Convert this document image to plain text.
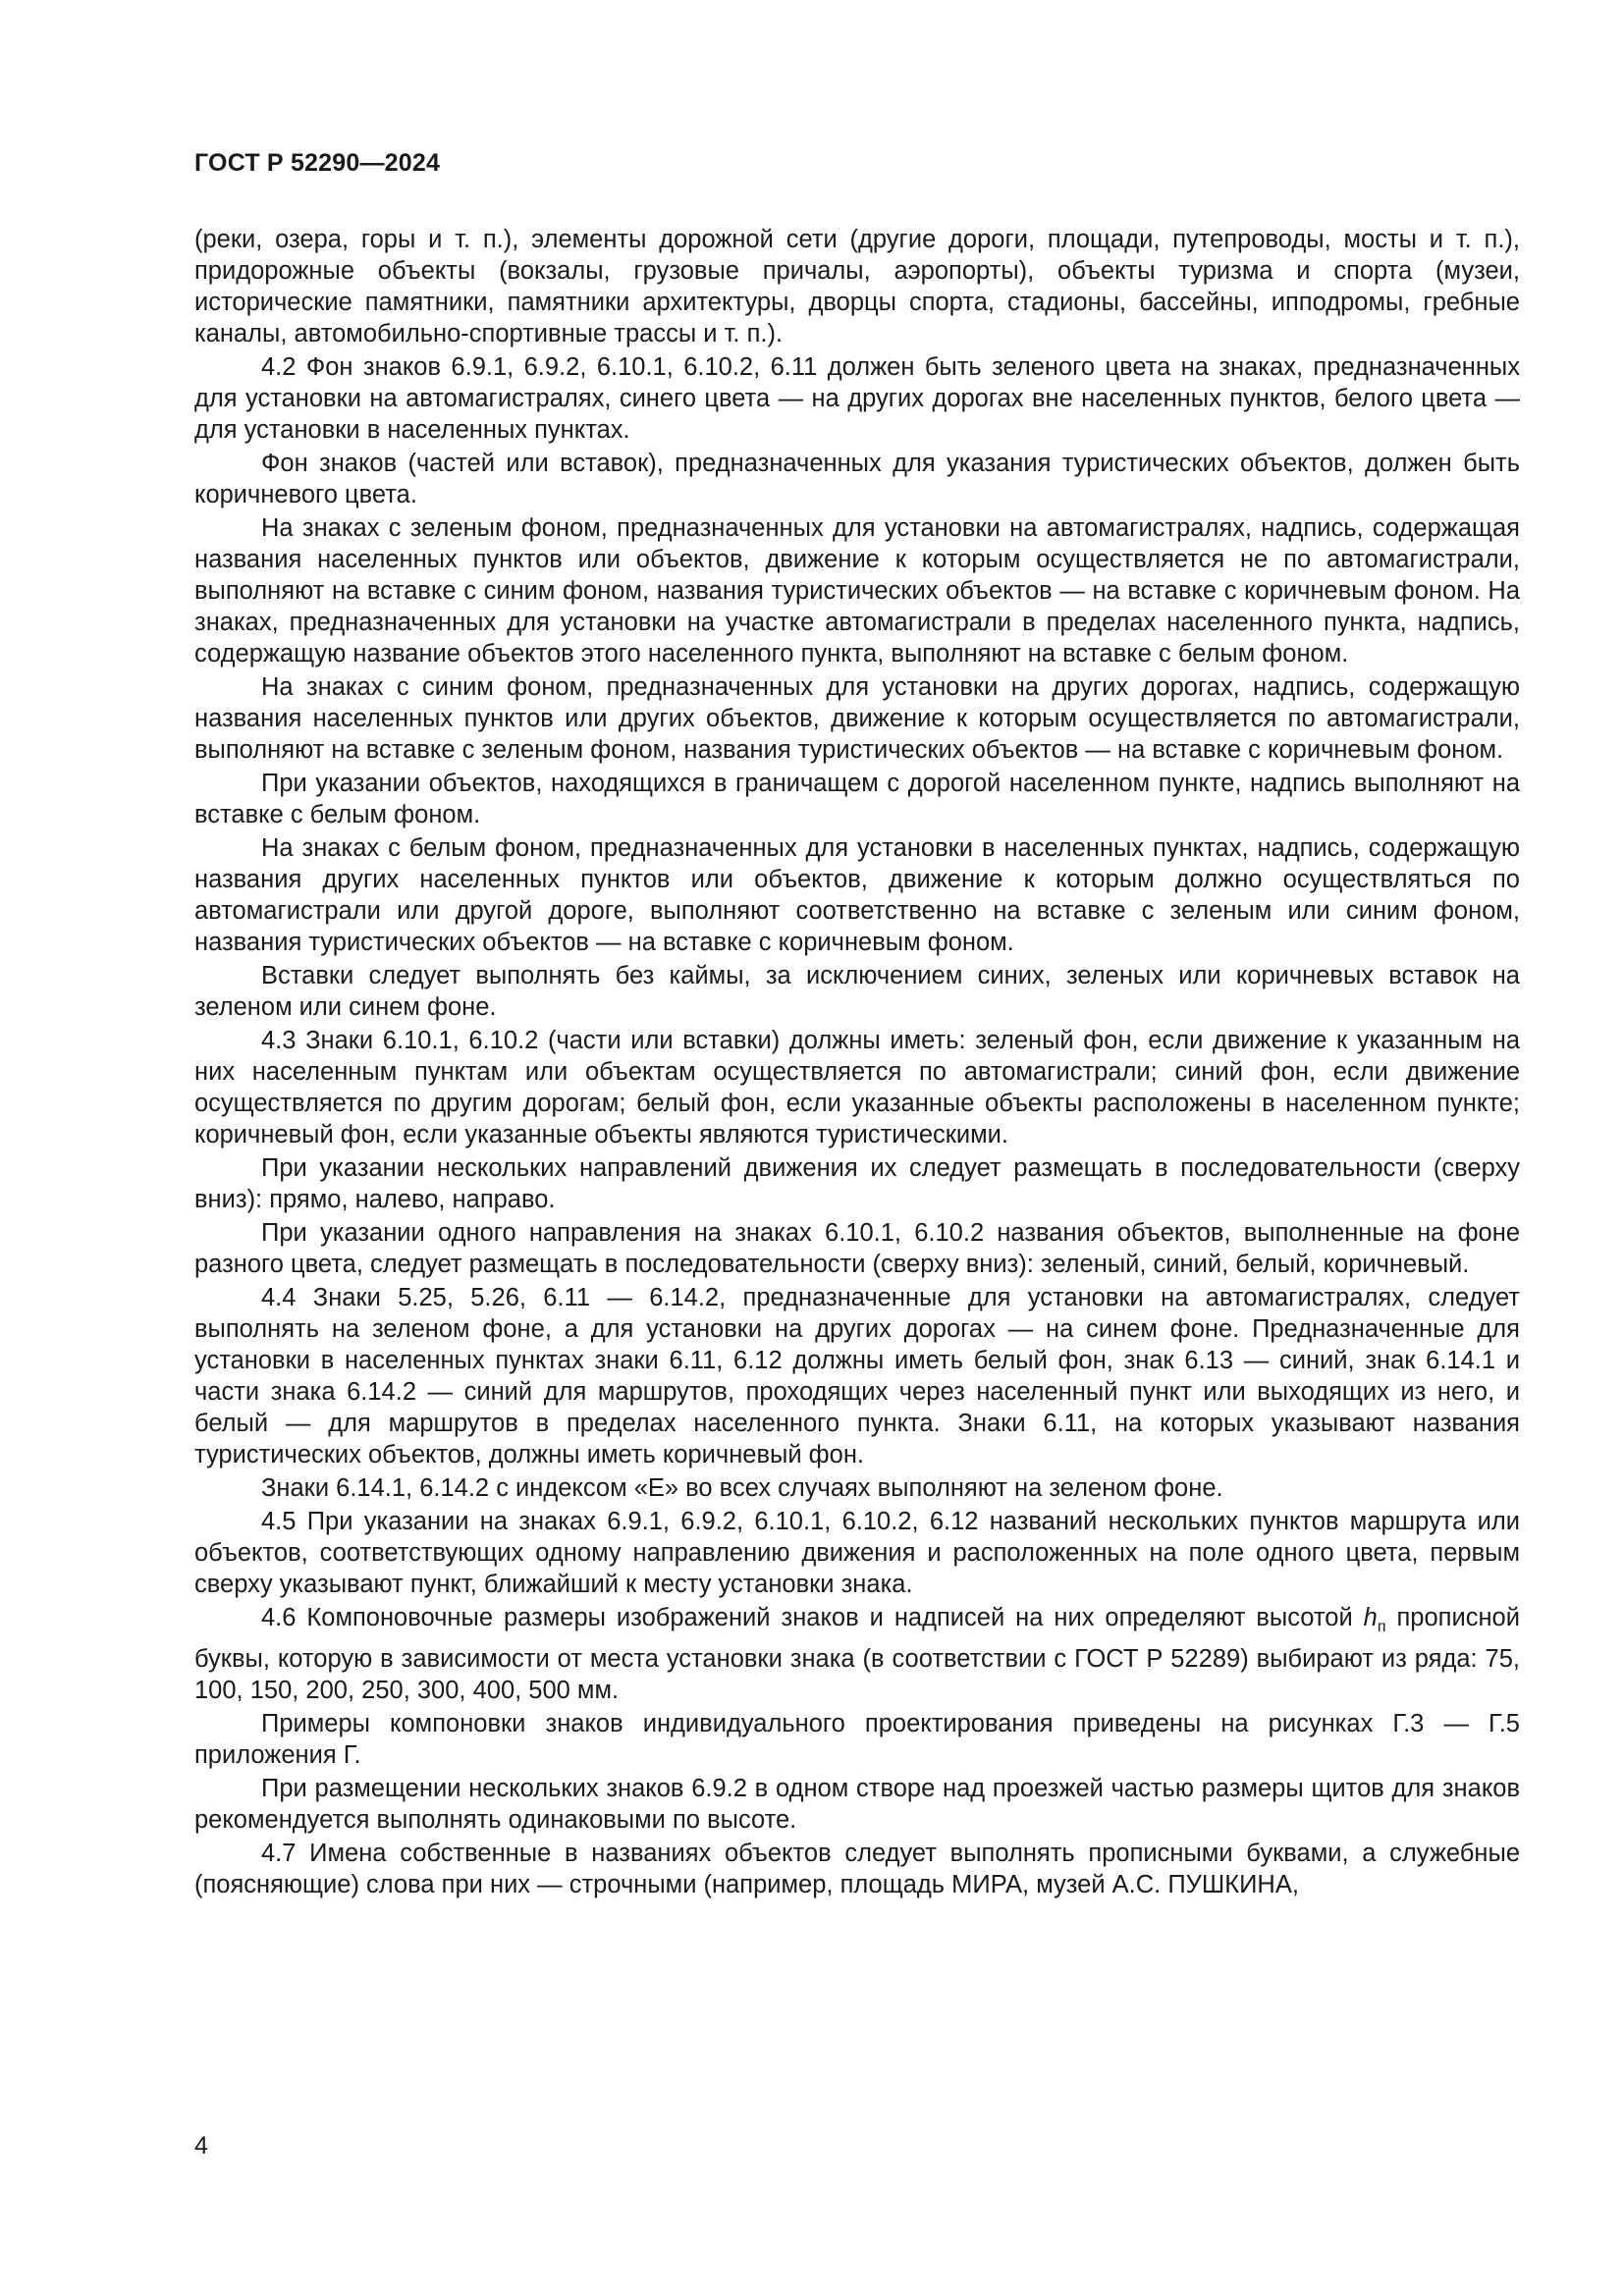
ГОСТ Р 52290—2024

(реки, озера, горы и т. п.), элементы дорожной сети (другие дороги, площади, путепроводы, мосты и т. п.), придорожные объекты (вокзалы, грузовые причалы, аэропорты), объекты туризма и спорта (музеи, исторические памятники, памятники архитектуры, дворцы спорта, стадионы, бассейны, ипподромы, гребные каналы, автомобильно-спортивные трассы и т. п.).

4.2 Фон знаков 6.9.1, 6.9.2, 6.10.1, 6.10.2, 6.11 должен быть зеленого цвета на знаках, предназначенных для установки на автомагистралях, синего цвета — на других дорогах вне населенных пунктов, белого цвета — для установки в населенных пунктах.

Фон знаков (частей или вставок), предназначенных для указания туристических объектов, должен быть коричневого цвета.

На знаках с зеленым фоном, предназначенных для установки на автомагистралях, надпись, содержащая названия населенных пунктов или объектов, движение к которым осуществляется не по автомагистрали, выполняют на вставке с синим фоном, названия туристических объектов — на вставке с коричневым фоном. На знаках, предназначенных для установки на участке автомагистрали в пределах населенного пункта, надпись, содержащую название объектов этого населенного пункта, выполняют на вставке с белым фоном.

На знаках с синим фоном, предназначенных для установки на других дорогах, надпись, содержащую названия населенных пунктов или других объектов, движение к которым осуществляется по автомагистрали, выполняют на вставке с зеленым фоном, названия туристических объектов — на вставке с коричневым фоном.

При указании объектов, находящихся в граничащем с дорогой населенном пункте, надпись выполняют на вставке с белым фоном.

На знаках с белым фоном, предназначенных для установки в населенных пунктах, надпись, содержащую названия других населенных пунктов или объектов, движение к которым должно осуществляться по автомагистрали или другой дороге, выполняют соответственно на вставке с зеленым или синим фоном, названия туристических объектов — на вставке с коричневым фоном.

Вставки следует выполнять без каймы, за исключением синих, зеленых или коричневых вставок на зеленом или синем фоне.

4.3 Знаки 6.10.1, 6.10.2 (части или вставки) должны иметь: зеленый фон, если движение к указанным на них населенным пунктам или объектам осуществляется по автомагистрали; синий фон, если движение осуществляется по другим дорогам; белый фон, если указанные объекты расположены в населенном пункте; коричневый фон, если указанные объекты являются туристическими.

При указании нескольких направлений движения их следует размещать в последовательности (сверху вниз): прямо, налево, направо.

При указании одного направления на знаках 6.10.1, 6.10.2 названия объектов, выполненные на фоне разного цвета, следует размещать в последовательности (сверху вниз): зеленый, синий, белый, коричневый.

4.4 Знаки 5.25, 5.26, 6.11 — 6.14.2, предназначенные для установки на автомагистралях, следует выполнять на зеленом фоне, а для установки на других дорогах — на синем фоне. Предназначенные для установки в населенных пунктах знаки 6.11, 6.12 должны иметь белый фон, знак 6.13 — синий, знак 6.14.1 и части знака 6.14.2 — синий для маршрутов, проходящих через населенный пункт или выходящих из него, и белый — для маршрутов в пределах населенного пункта. Знаки 6.11, на которых указывают названия туристических объектов, должны иметь коричневый фон.

Знаки 6.14.1, 6.14.2 с индексом «Е» во всех случаях выполняют на зеленом фоне.

4.5 При указании на знаках 6.9.1, 6.9.2, 6.10.1, 6.10.2, 6.12 названий нескольких пунктов маршрута или объектов, соответствующих одному направлению движения и расположенных на поле одного цвета, первым сверху указывают пункт, ближайший к месту установки знака.

4.6 Компоновочные размеры изображений знаков и надписей на них определяют высотой $h_п$ прописной буквы, которую в зависимости от места установки знака (в соответствии с ГОСТ Р 52289) выбирают из ряда: 75, 100, 150, 200, 250, 300, 400, 500 мм.

Примеры компоновки знаков индивидуального проектирования приведены на рисунках Г.3 — Г.5 приложения Г.

При размещении нескольких знаков 6.9.2 в одном створе над проезжей частью размеры щитов для знаков рекомендуется выполнять одинаковыми по высоте.

4.7 Имена собственные в названиях объектов следует выполнять прописными буквами, а служебные (поясняющие) слова при них — строчными (например, площадь МИРА, музей А.С. ПУШКИНА,

4
